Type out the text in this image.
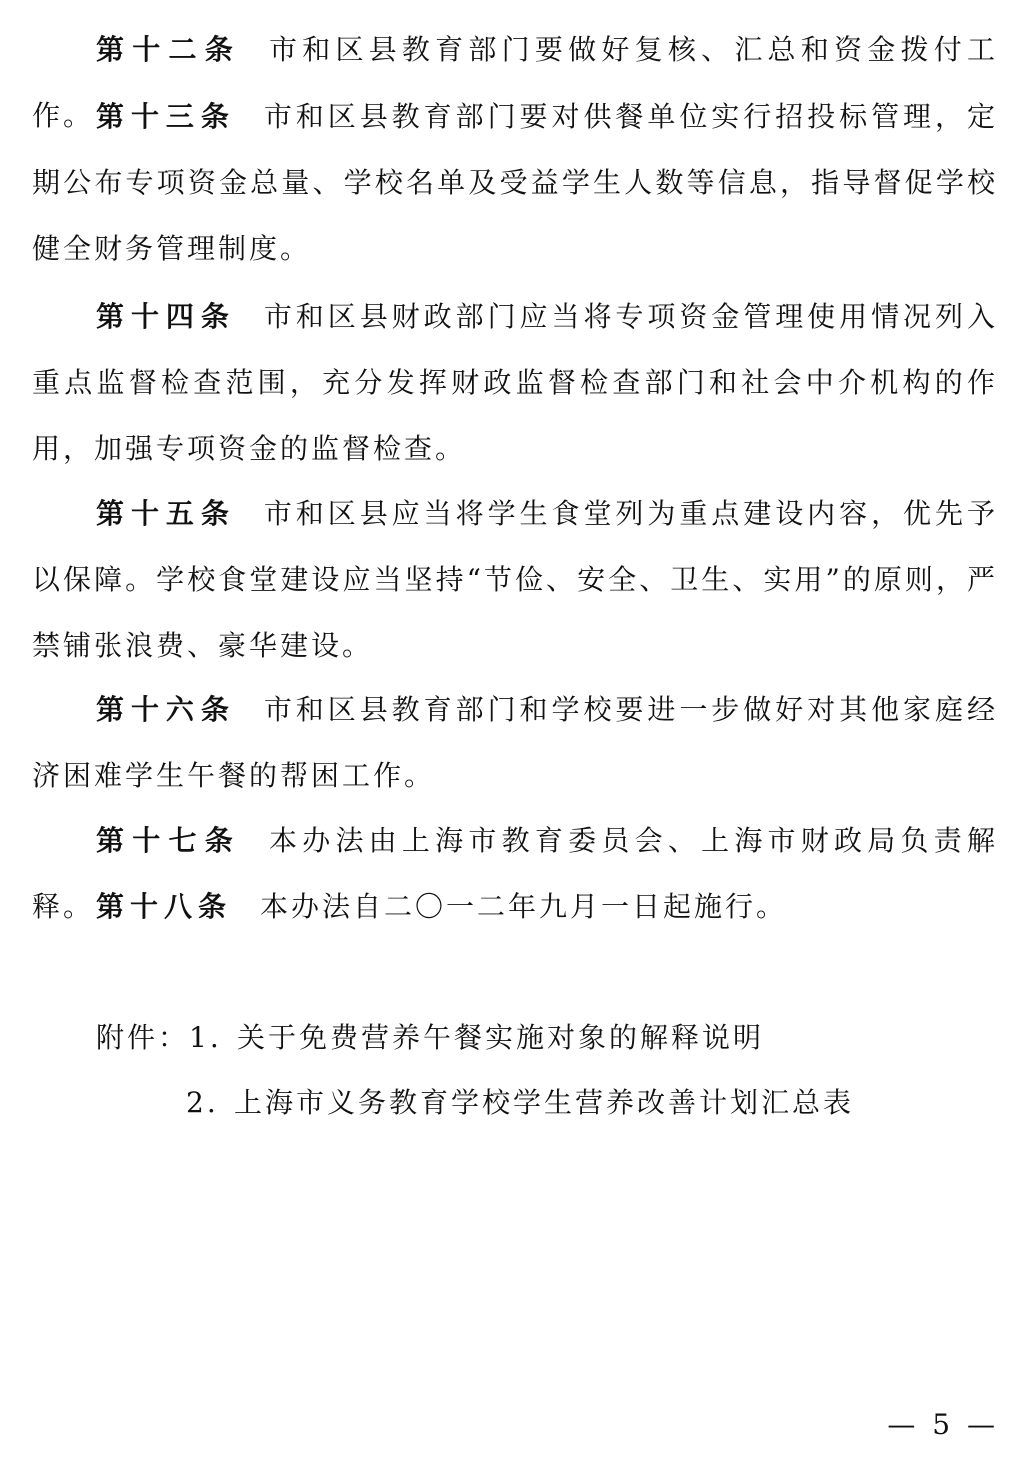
第十二条 市和区县教育部门要做好复核、汇总和资金拨付工作。 第十三条 市和区县教育部门要对供餐单位实行招投标管理，定期公布专项资金总量、学校名单及受益学生人数等信息，指导督促学校健全财务管理制度。

第十四条 市和区县财政部门应当将专项资金管理使用情况列入重点监督检查范围，充分发挥财政监督检查部门和社会中介机构的作用，加强专项资金的监督检查。

第十五条 市和区县应当将学生食堂列为重点建设内容，优先予以保障。学校食堂建设应当坚持“节俭、安全、卫生、实用”的原则，严禁铺张浪费、豪华建设。

第十六条 市和区县教育部门和学校要进一步做好对其他家庭经济困难学生午餐的帮困工作。

第十七条 本办法由上海市教育委员会、上海市财政局负责解释。 第十八条 本办法自二〇一二年九月一日起施行。

附件：1. 关于免费营养午餐实施对象的解释说明

2. 上海市义务教育学校学生营养改善计划汇总表

— 5 —
